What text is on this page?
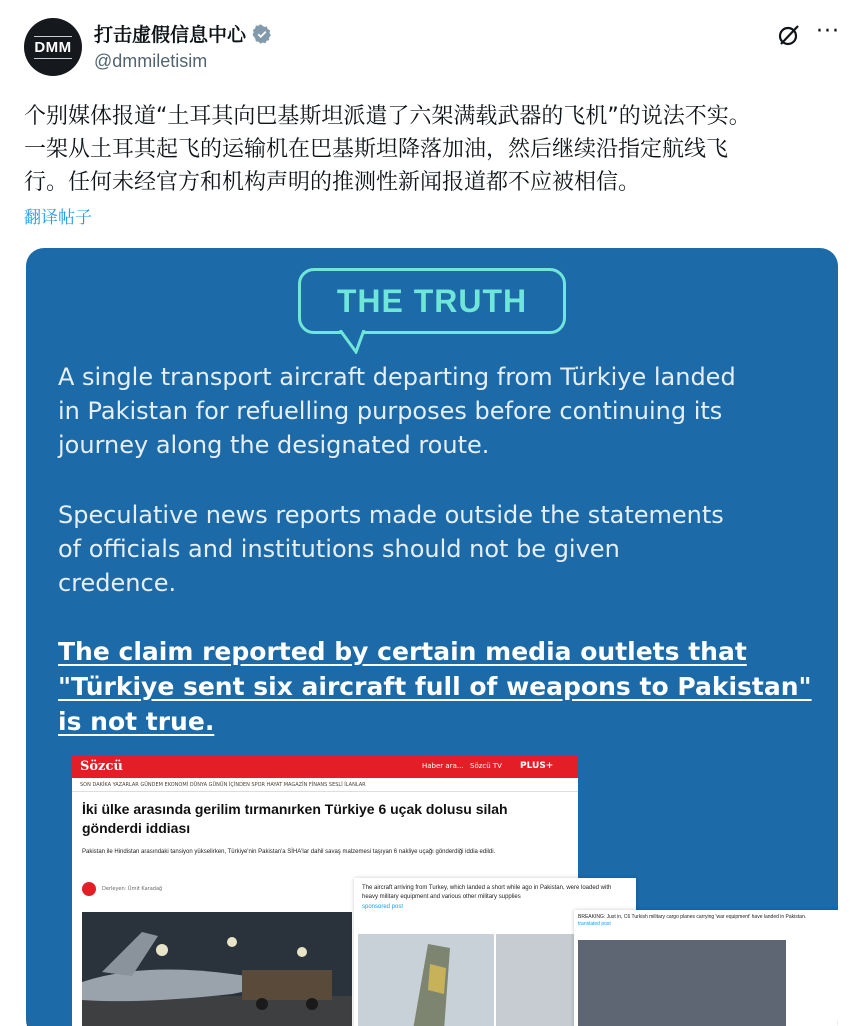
DMM
打击虚假信息中心
@dmmiletisim
···
个别媒体报道“土耳其向巴基斯坦派遣了六架满载武器的飞机”的说法不实。
一架从土耳其起飞的运输机在巴基斯坦降落加油，然后继续沿指定航线飞
行。任何未经官方和机构声明的推测性新闻报道都不应被相信。
翻译帖子
THE TRUTH
A single transport aircraft departing from Türkiye landed
in Pakistan for refuelling purposes before continuing its
journey along the designated route.
Speculative news reports made outside the statements
of officials and institutions should not be given
credence.
The claim reported by certain media outlets that
"Türkiye sent six aircraft full of weapons to Pakistan"
is not true.
Sözcü	Haber ara... Sözcü TV PLUS+
SON DAKİKA YAZARLAR GÜNDEM EKONOMİ DÜNYA GÜNÜN İÇİNDEN SPOR HAYAT MAGAZİN FİNANS SESLİ İLANLAR
İki ülke arasında gerilim tırmanırken Türkiye 6 uçak dolusu silah gönderdi iddiası
Pakistan ile Hindistan arasındaki tansiyon yükselirken, Türkiye'nin Pakistan'a SİHA'lar dahil savaş malzemesi taşıyan 6 nakliye uçağı gönderdiği iddia edildi.
Derleyen: Ümit Karadağ	The aircraft arriving from Turkey, which landed a short while ago in Pakistan, were loaded with heavy military equipment and various other military supplies
sponsored post
BREAKING: Just in, C6 Turkish military cargo planes carrying 'war equipment' have landed in Pakistan.
translated post
